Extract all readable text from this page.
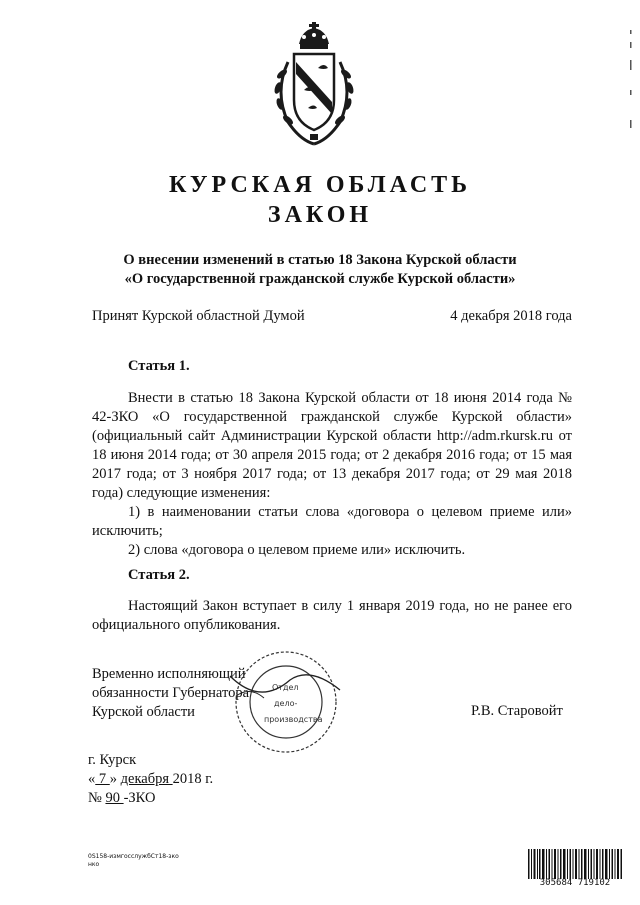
КУРСКАЯ ОБЛАСТЬ
ЗАКОН
О внесении изменений в статью 18 Закона Курской области
«О государственной гражданской службе Курской области»
Принят Курской областной Думой	4 декабря 2018 года
Статья 1.

Внести в статью 18 Закона Курской области от 18 июня 2014 года № 42-ЗКО «О государственной гражданской службе Курской области» (официальный сайт Администрации Курской области http://adm.rkursk.ru от 18 июня 2014 года; от 30 апреля 2015 года; от 2 декабря 2016 года; от 15 мая 2017 года; от 3 ноября 2017 года; от 13 декабря 2017 года; от 29 мая 2018 года) следующие изменения:

1) в наименовании статьи слова «договора о целевом приеме или» исключить;

2) слова «договора о целевом приеме или» исключить.

Статья 2.

Настоящий Закон вступает в силу 1 января 2019 года, но не ранее его официального опубликования.

Временно исполняющий
обязанности Губернатора
Курской области
Отдел
дело-
производства
Р.В. Старовойт
г. Курск
« 7 » декабря 2018 г.
№ 90 -ЗКО
0S158-измгосслужбСт18-зко
нко
305684 719102
